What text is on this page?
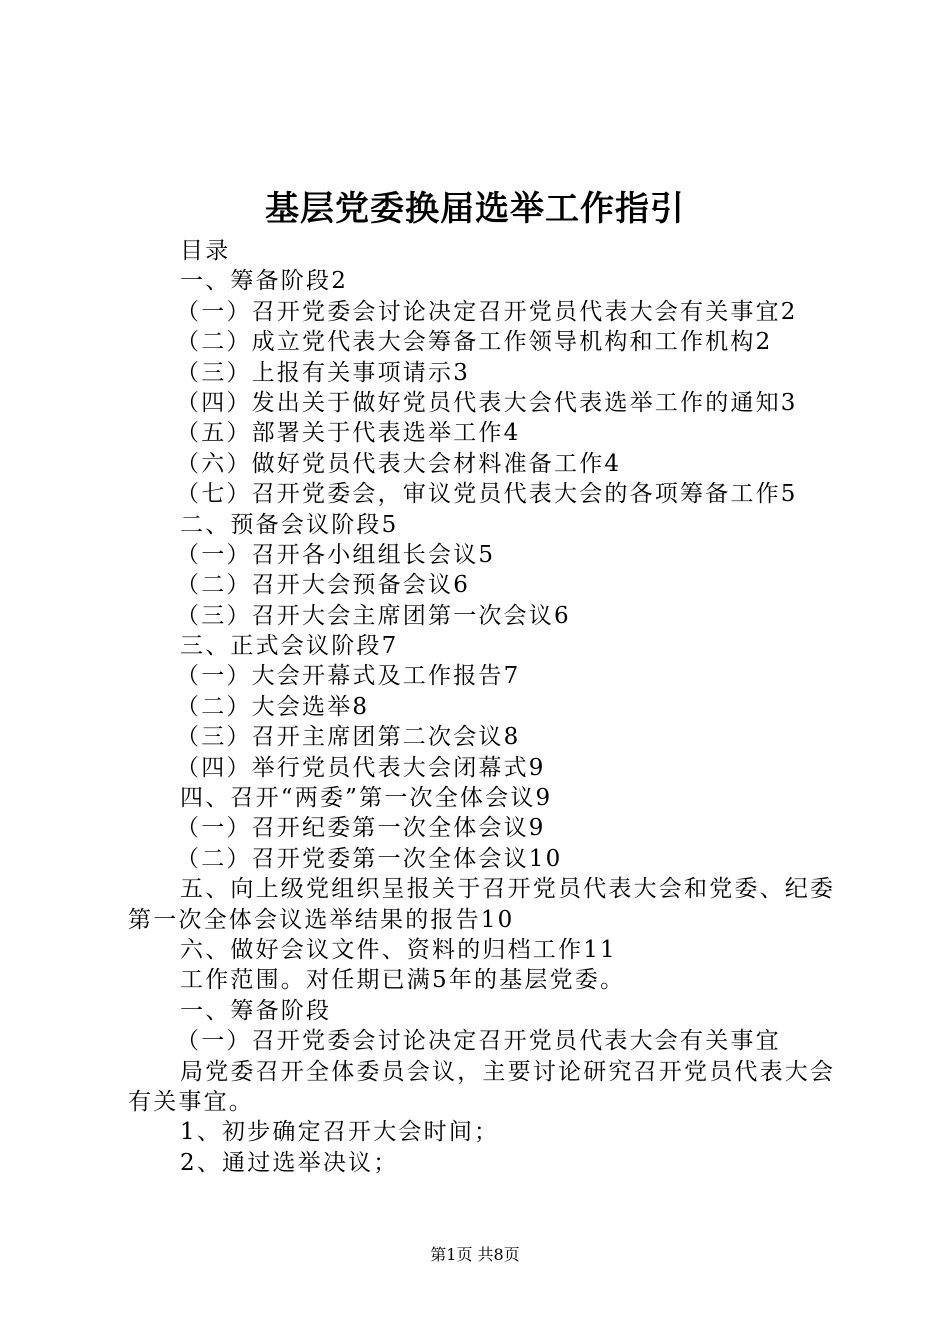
基层党委换届选举工作指引
目录
一、筹备阶段2
（一）召开党委会讨论决定召开党员代表大会有关事宜2
（二）成立党代表大会筹备工作领导机构和工作机构2
（三）上报有关事项请示3
（四）发出关于做好党员代表大会代表选举工作的通知3
（五）部署关于代表选举工作4
（六）做好党员代表大会材料准备工作4
（七）召开党委会，审议党员代表大会的各项筹备工作5
二、预备会议阶段5
（一）召开各小组组长会议5
（二）召开大会预备会议6
（三）召开大会主席团第一次会议6
三、正式会议阶段7
（一）大会开幕式及工作报告7
（二）大会选举8
（三）召开主席团第二次会议8
（四）举行党员代表大会闭幕式9
四、召开“两委”第一次全体会议9
（一）召开纪委第一次全体会议9
（二）召开党委第一次全体会议10
五、向上级党组织呈报关于召开党员代表大会和党委、纪委第一次全体会议选举结果的报告10
六、做好会议文件、资料的归档工作11
工作范围。对任期已满5年的基层党委。
一、筹备阶段
（一）召开党委会讨论决定召开党员代表大会有关事宜
局党委召开全体委员会议，主要讨论研究召开党员代表大会有关事宜。
1、初步确定召开大会时间；
2、通过选举决议；
第1页 共8页
